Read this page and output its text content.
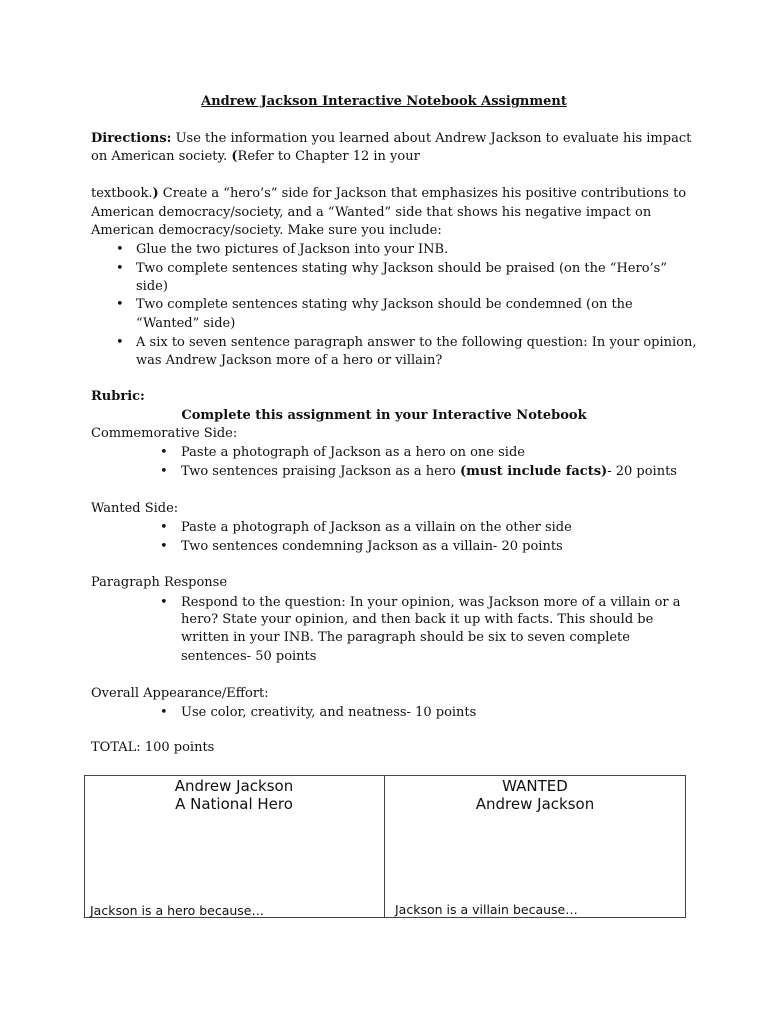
Andrew Jackson Interactive Notebook Assignment
Directions: Use the information you learned about Andrew Jackson to evaluate his impact
on American society. (Refer to Chapter 12 in your
textbook.) Create a “hero’s” side for Jackson that emphasizes his positive contributions to
American democracy/society, and a “Wanted” side that shows his negative impact on
American democracy/society. Make sure you include:
• Glue the two pictures of Jackson into your INB.
• Two complete sentences stating why Jackson should be praised (on the “Hero’s”
side)
• Two complete sentences stating why Jackson should be condemned (on the
“Wanted” side)
• A six to seven sentence paragraph answer to the following question: In your opinion,
was Andrew Jackson more of a hero or villain?
Rubric:
Complete this assignment in your Interactive Notebook
Commemorative Side:
• Paste a photograph of Jackson as a hero on one side
• Two sentences praising Jackson as a hero (must include facts)- 20 points
Wanted Side:
• Paste a photograph of Jackson as a villain on the other side
• Two sentences condemning Jackson as a villain- 20 points
Paragraph Response
• Respond to the question: In your opinion, was Jackson more of a villain or a
hero? State your opinion, and then back it up with facts. This should be
written in your INB. The paragraph should be six to seven complete
sentences- 50 points
Overall Appearance/Effort:
• Use color, creativity, and neatness- 10 points
TOTAL: 100 points
Andrew Jackson
A National Hero
Jackson is a hero because…
WANTED
Andrew Jackson
Jackson is a villain because…
